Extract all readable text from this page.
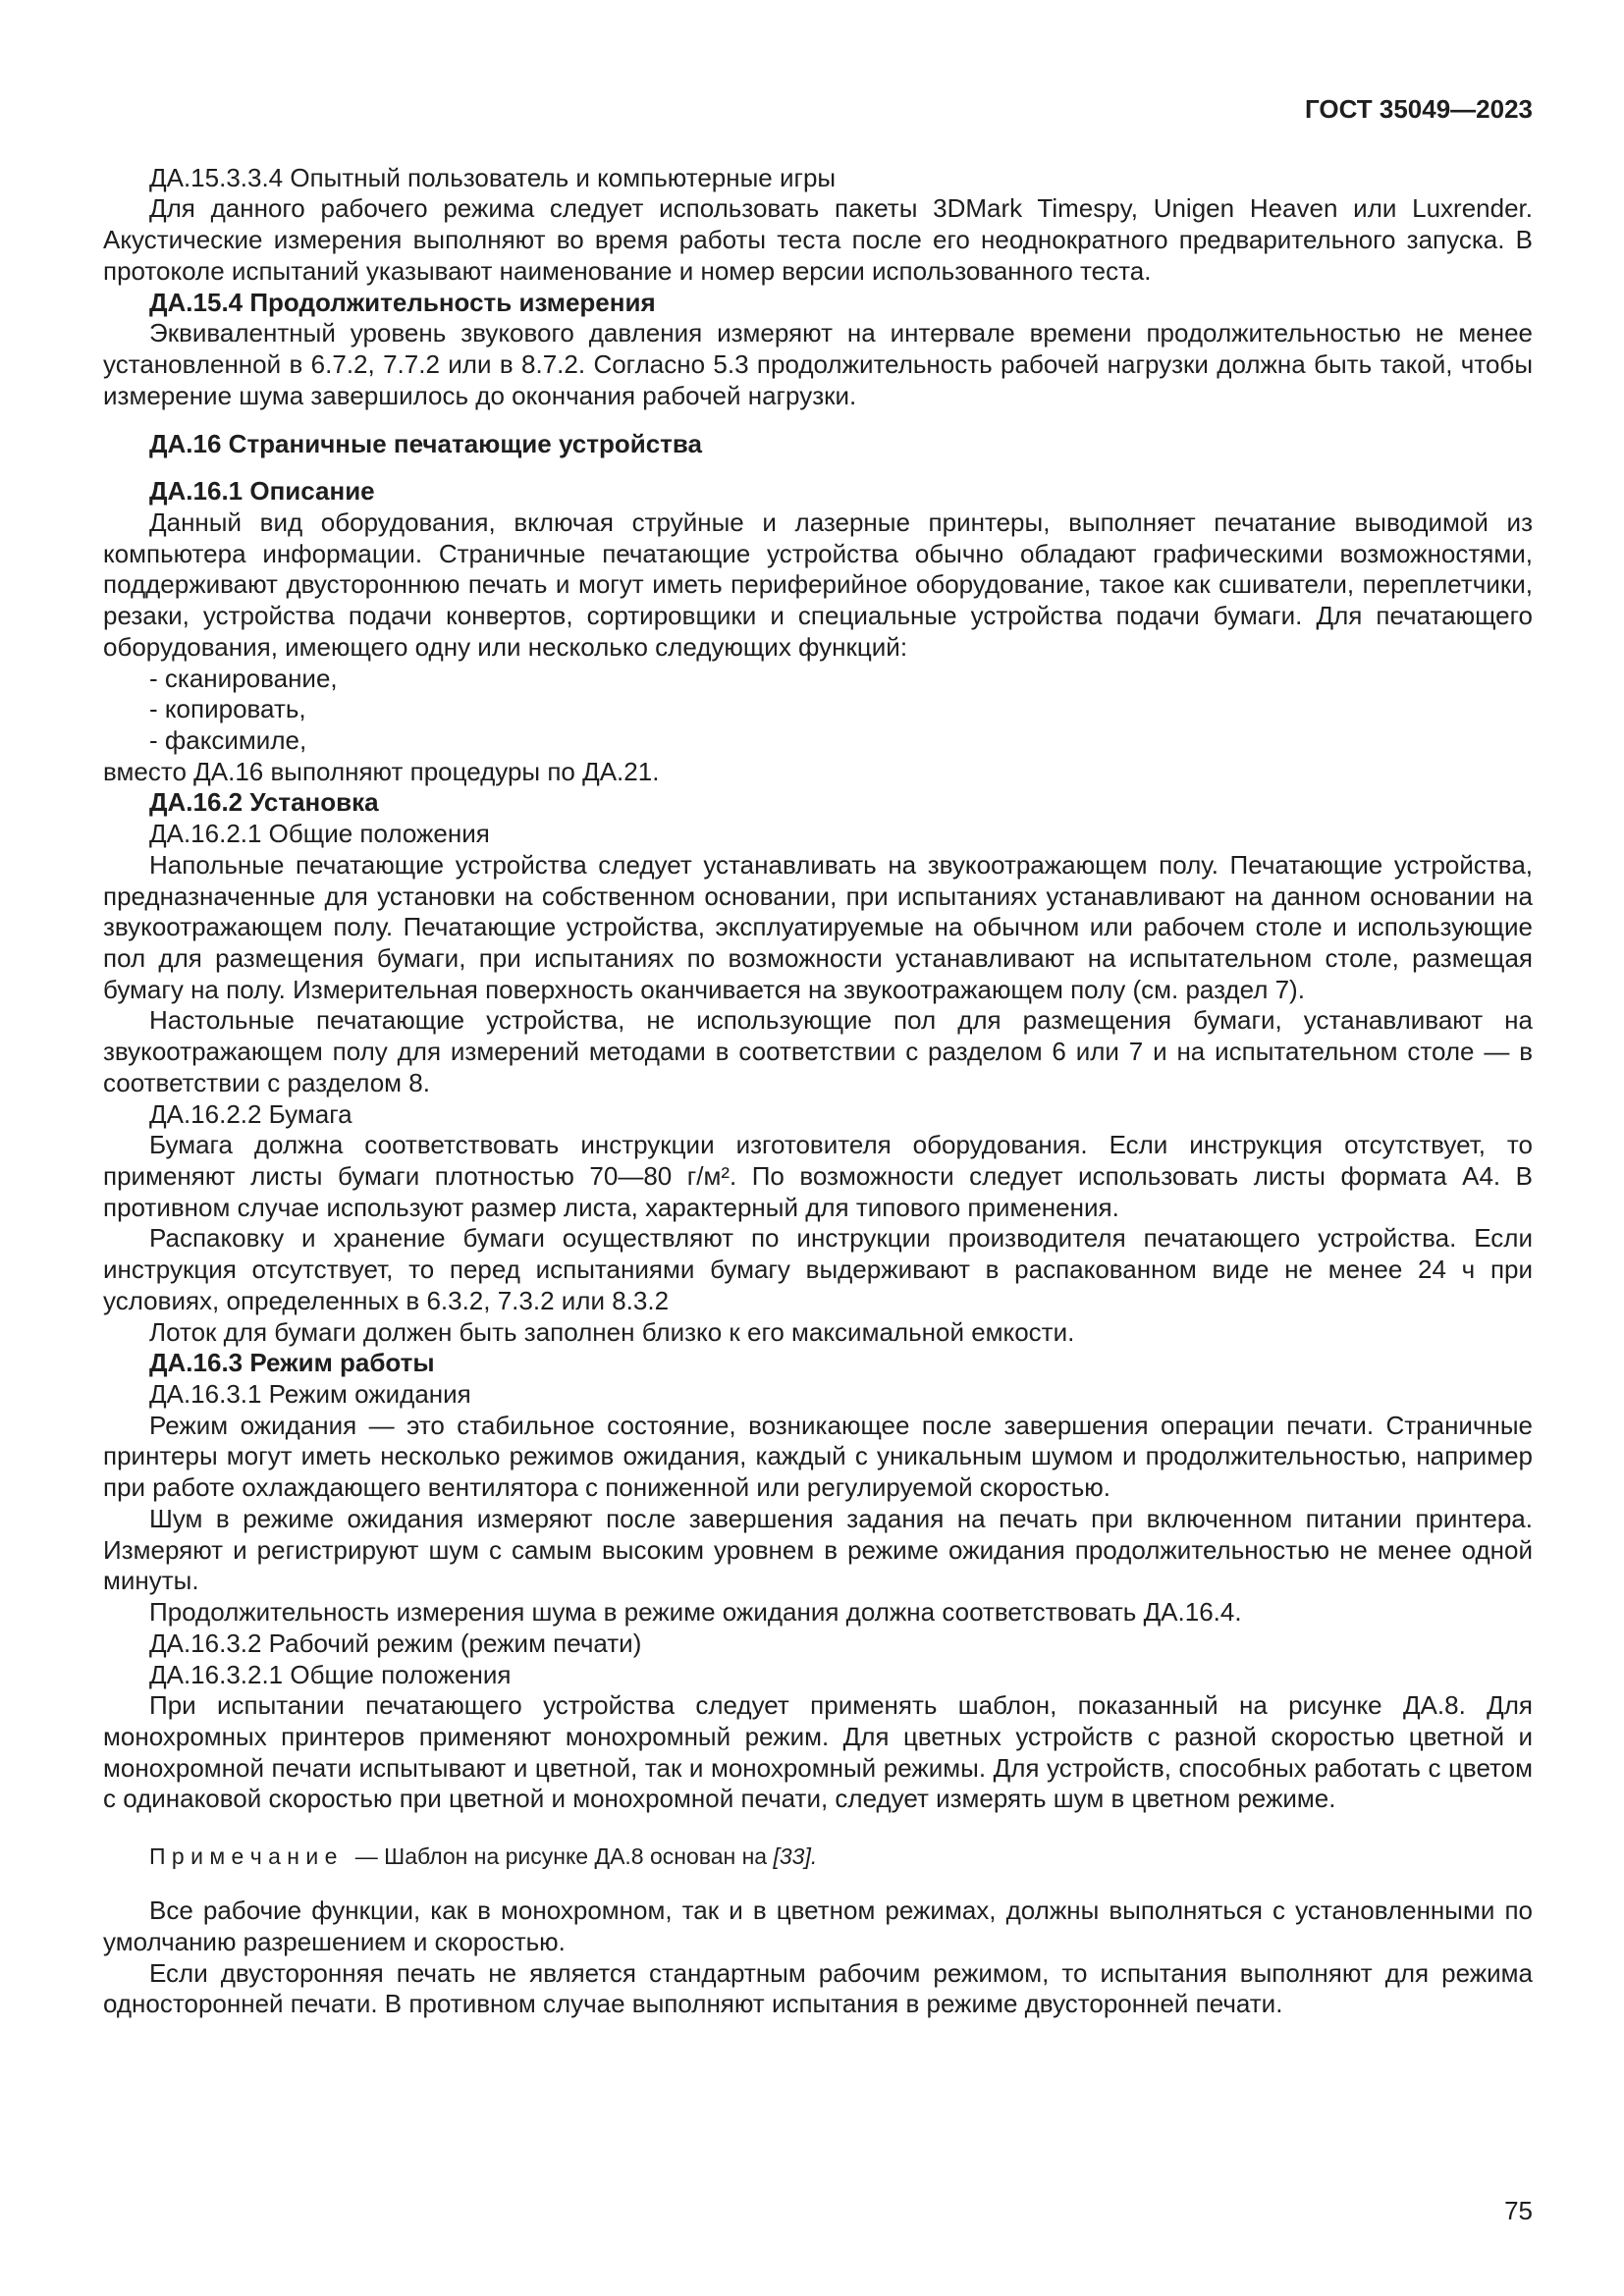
ГОСТ 35049—2023

ДА.15.3.3.4 Опытный пользователь и компьютерные игры

Для данного рабочего режима следует использовать пакеты 3DMark Timespy, Unigen Heaven или Luxrender. Акустические измерения выполняют во время работы теста после его неоднократного предварительного запуска. В протоколе испытаний указывают наименование и номер версии использованного теста.

ДА.15.4 Продолжительность измерения

Эквивалентный уровень звукового давления измеряют на интервале времени продолжительностью не менее установленной в 6.7.2, 7.7.2 или в 8.7.2. Согласно 5.3 продолжительность рабочей нагрузки должна быть такой, чтобы измерение шума завершилось до окончания рабочей нагрузки.

ДА.16 Страничные печатающие устройства

ДА.16.1 Описание

Данный вид оборудования, включая струйные и лазерные принтеры, выполняет печатание выводимой из компьютера информации. Страничные печатающие устройства обычно обладают графическими возможностями, поддерживают двустороннюю печать и могут иметь периферийное оборудование, такое как сшиватели, переплетчики, резаки, устройства подачи конвертов, сортировщики и специальные устройства подачи бумаги. Для печатающего оборудования, имеющего одну или несколько следующих функций:

- сканирование,

- копировать,

- факсимиле,

вместо ДА.16 выполняют процедуры по ДА.21.

ДА.16.2 Установка

ДА.16.2.1 Общие положения

Напольные печатающие устройства следует устанавливать на звукоотражающем полу. Печатающие устройства, предназначенные для установки на собственном основании, при испытаниях устанавливают на данном основании на звукоотражающем полу. Печатающие устройства, эксплуатируемые на обычном или рабочем столе и использующие пол для размещения бумаги, при испытаниях по возможности устанавливают на испытательном столе, размещая бумагу на полу. Измерительная поверхность оканчивается на звукоотражающем полу (см. раздел 7).

Настольные печатающие устройства, не использующие пол для размещения бумаги, устанавливают на звукоотражающем полу для измерений методами в соответствии с разделом 6 или 7 и на испытательном столе — в соответствии с разделом 8.

ДА.16.2.2 Бумага

Бумага должна соответствовать инструкции изготовителя оборудования. Если инструкция отсутствует, то применяют листы бумаги плотностью 70—80 г/м². По возможности следует использовать листы формата А4. В противном случае используют размер листа, характерный для типового применения.

Распаковку и хранение бумаги осуществляют по инструкции производителя печатающего устройства. Если инструкция отсутствует, то перед испытаниями бумагу выдерживают в распакованном виде не менее 24 ч при условиях, определенных в 6.3.2, 7.3.2 или 8.3.2

Лоток для бумаги должен быть заполнен близко к его максимальной емкости.

ДА.16.3 Режим работы

ДА.16.3.1 Режим ожидания

Режим ожидания — это стабильное состояние, возникающее после завершения операции печати. Страничные принтеры могут иметь несколько режимов ожидания, каждый с уникальным шумом и продолжительностью, например при работе охлаждающего вентилятора с пониженной или регулируемой скоростью.

Шум в режиме ожидания измеряют после завершения задания на печать при включенном питании принтера. Измеряют и регистрируют шум с самым высоким уровнем в режиме ожидания продолжительностью не менее одной минуты.

Продолжительность измерения шума в режиме ожидания должна соответствовать ДА.16.4.

ДА.16.3.2 Рабочий режим (режим печати)

ДА.16.3.2.1 Общие положения

При испытании печатающего устройства следует применять шаблон, показанный на рисунке ДА.8. Для монохромных принтеров применяют монохромный режим. Для цветных устройств с разной скоростью цветной и монохромной печати испытывают и цветной, так и монохромный режимы. Для устройств, способных работать с цветом с одинаковой скоростью при цветной и монохромной печати, следует измерять шум в цветном режиме.

П р и м е ч а н и е — Шаблон на рисунке ДА.8 основан на [33].

Все рабочие функции, как в монохромном, так и в цветном режимах, должны выполняться с установленными по умолчанию разрешением и скоростью.

Если двусторонняя печать не является стандартным рабочим режимом, то испытания выполняют для режима односторонней печати. В противном случае выполняют испытания в режиме двусторонней печати.

75
